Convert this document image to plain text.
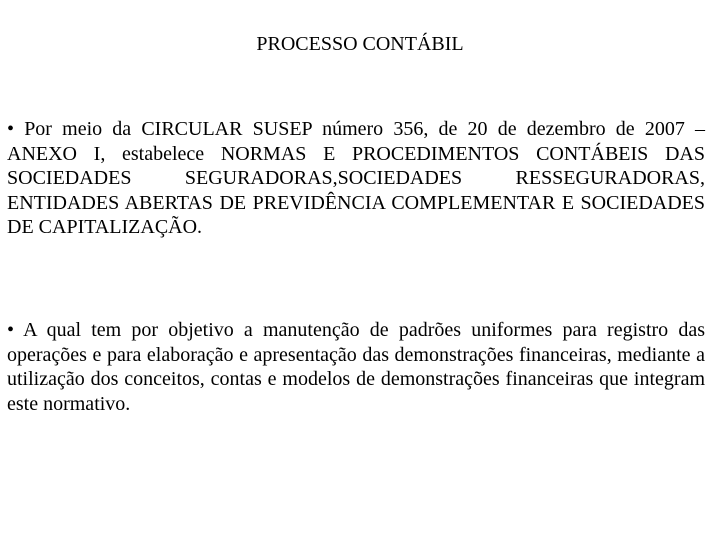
PROCESSO CONTÁBIL

• Por meio da CIRCULAR SUSEP número 356, de 20 de dezembro de 2007 – ANEXO I, estabelece NORMAS E PROCEDIMENTOS CONTÁBEIS DAS SOCIEDADES SEGURADORAS,SOCIEDADES RESSEGURADORAS, ENTIDADES ABERTAS DE PREVIDÊNCIA COMPLEMENTAR E SOCIEDADES DE CAPITALIZAÇÃO.

• A qual tem por objetivo a manutenção de padrões uniformes para registro das operações e para elaboração e apresentação das demonstrações financeiras, mediante a utilização dos conceitos, contas e modelos de demonstrações financeiras que integram este normativo.
